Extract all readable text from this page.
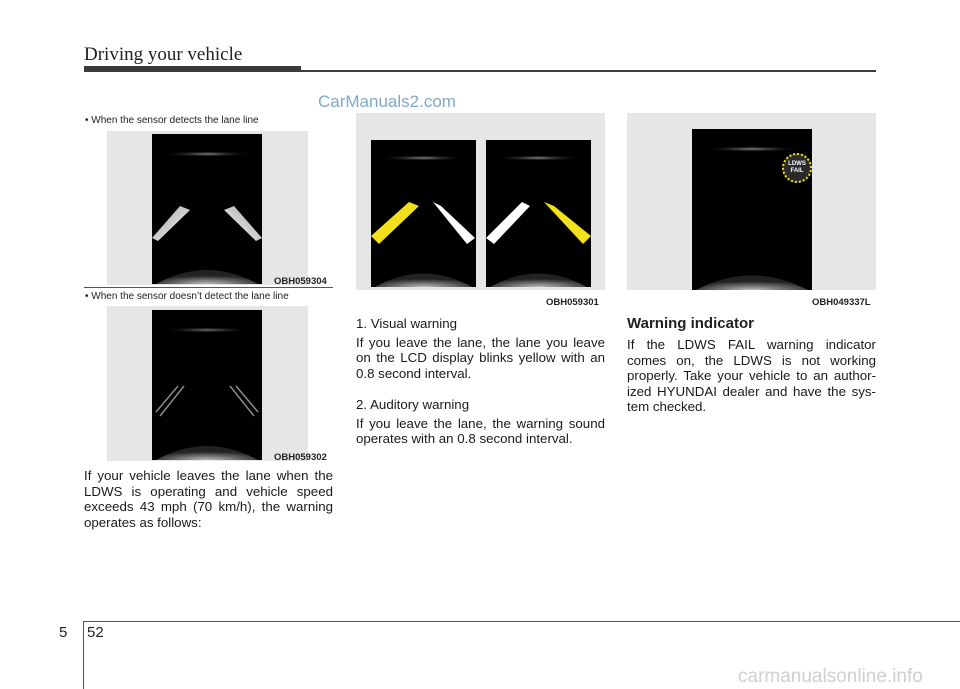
Driving your vehicle
CarManuals2.com
• When the sensor detects the lane line
OBH059304
• When the sensor doesn’t detect the lane line
OBH059302
If your vehicle leaves the lane when the
LDWS is operating and vehicle speed
exceeds 43 mph (70 km/h), the warning
operates as follows:
OBH059301
1. Visual warning
If you leave the lane, the lane you leave
on the LCD display blinks yellow with an
0.8 second interval.
2. Auditory warning
If you leave the lane, the warning sound
operates with an 0.8 second interval.
LDWS
FAIL
OBH049337L
Warning indicator
If the LDWS FAIL warning indicator
comes on, the LDWS is not working
properly. Take your vehicle to an author-
ized HYUNDAI dealer and have the sys-
tem checked.
5 52
carmanualsonline.info
